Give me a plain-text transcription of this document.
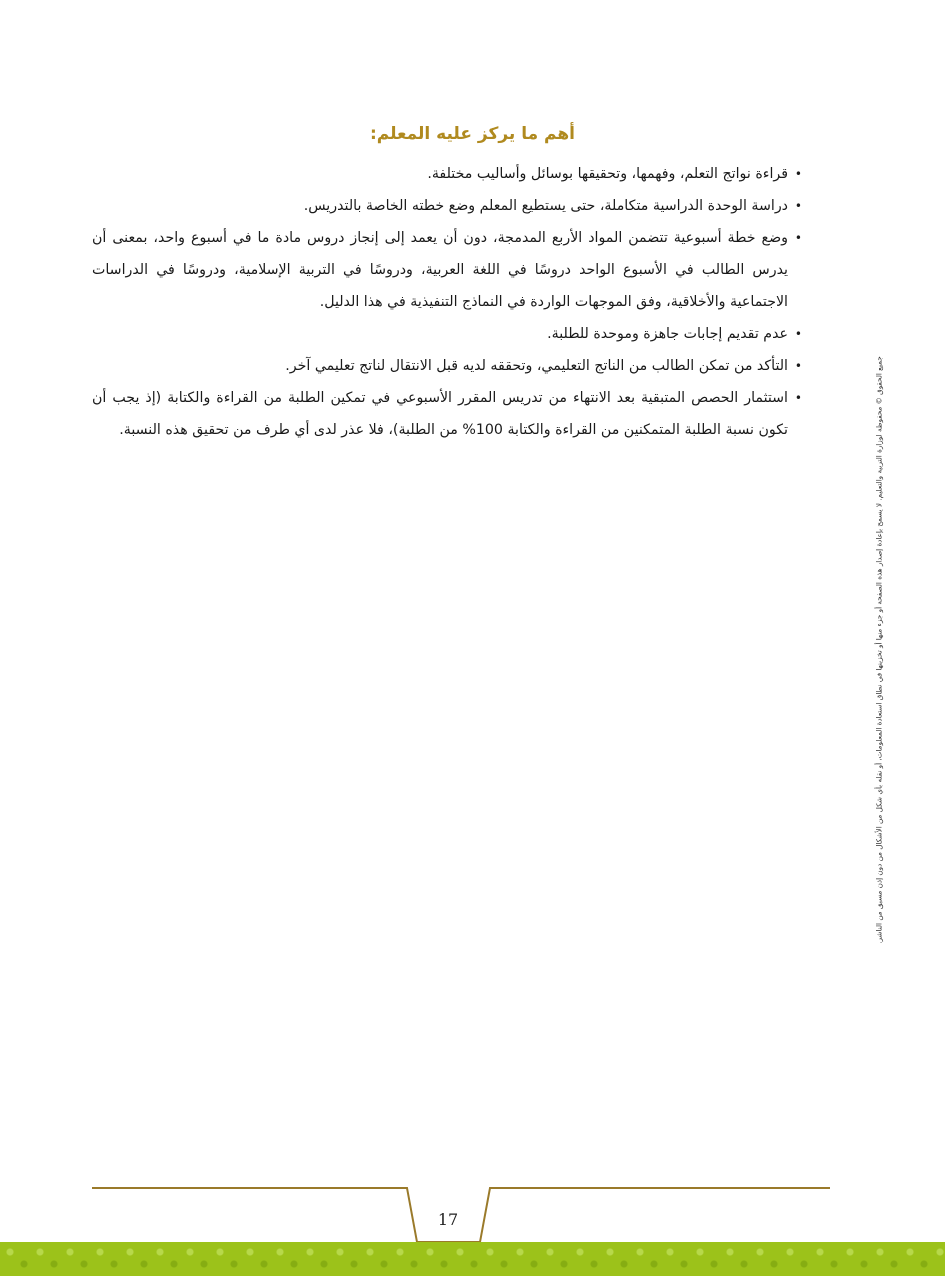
أهم ما يركز عليه المعلم:
•
قراءة نواتج التعلم، وفهمها، وتحقيقها بوسائل وأساليب مختلفة.
•
دراسة الوحدة الدراسية متكاملة، حتى يستطيع المعلم وضع خطته الخاصة بالتدريس.
•
وضع خطة أسبوعية تتضمن المواد الأربع المدمجة، دون أن يعمد إلى إنجاز دروس مادة ما في أسبوع واحد، بمعنى أن يدرس الطالب في الأسبوع الواحد دروسًا في اللغة العربية، ودروسًا في التربية الإسلامية، ودروسًا في الدراسات الاجتماعية والأخلاقية، وفق الموجهات الواردة في النماذج التنفيذية في هذا الدليل.
•
عدم تقديم إجابات جاهزة وموحدة للطلبة.
•
التأكد من تمكن الطالب من الناتج التعليمي، وتحققه لديه قبل الانتقال لناتج تعليمي آخر.
•
استثمار الحصص المتبقية بعد الانتهاء من تدريس المقرر الأسبوعي في تمكين الطلبة من القراءة والكتابة (إذ يجب أن تكون نسبة الطلبة المتمكنين من القراءة والكتابة 100% من الطلبة)، فلا عذر لدى أي طرف من تحقيق هذه النسبة.	جميع الحقوق © محفوظة لوزارة التربية والتعليم. لا يسمح بإعادة إصدار هذه الصفحة أو جزء منها أو تخزينها في نطاق استعادة المعلومات، أو نقله بأي شكل من الأشكال من دون إذن مسبق من الناشر.
17
